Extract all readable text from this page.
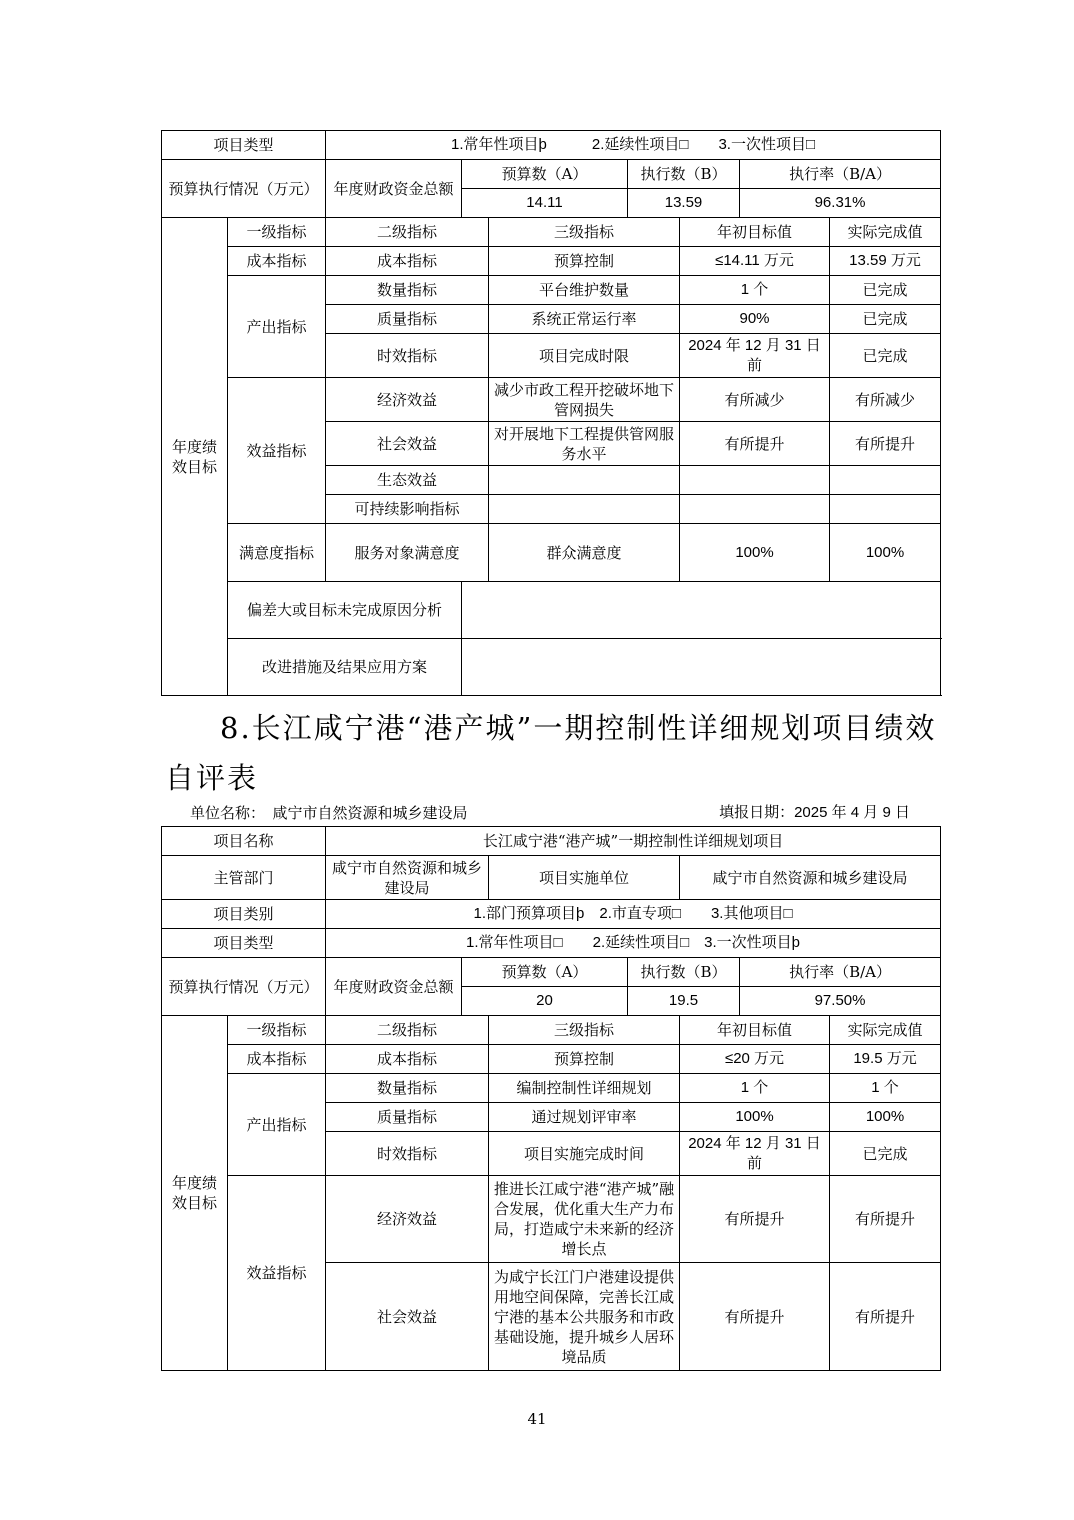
项目类型		1.常年性项目þ　　　2.延续性项目□　　3.一次性项目□						
预算执行情况（万元）		年度财政资金总额	预算数（A）		执行数（B）		执行率（B/A）	
			14.11		13.59		96.31%	
年度绩效目标	一级指标	二级指标		三级指标		年初目标值		实际完成值
	成本指标	成本指标		预算控制		≤14.11 万元		13.59 万元
	产出指标	数量指标		平台维护数量		1 个		已完成
		质量指标		系统正常运行率		90%		已完成
		时效指标		项目完成时限		2024 年 12 月 31 日前		已完成
	效益指标	经济效益		减少市政工程开挖破坏地下管网损失		有所减少		有所减少
		社会效益		对开展地下工程提供管网服务水平		有所提升		有所提升
		生态效益						
		可持续影响指标						
	满意度指标	服务对象满意度		群众满意度		100%		100%
	偏差大或目标未完成原因分析							
	改进措施及结果应用方案							
8.长江咸宁港“港产城”一期控制性详细规划项目绩效
自评表
单位名称：　咸宁市自然资源和城乡建设局	填报日期：2025 年 4 月 9 日
项目名称		长江咸宁港“港产城”一期控制性详细规划项目						
主管部门		咸宁市自然资源和城乡建设局		项目实施单位		咸宁市自然资源和城乡建设局		
项目类别		1.部门预算项目þ　2.市直专项□　　3.其他项目□						
项目类型		1.常年性项目□　　2.延续性项目□　3.一次性项目þ						
预算执行情况（万元）		年度财政资金总额	预算数（A）		执行数（B）		执行率（B/A）	
			20		19.5		97.50%	
年度绩效目标	一级指标	二级指标		三级指标		年初目标值		实际完成值
	成本指标	成本指标		预算控制		≤20 万元		19.5 万元
	产出指标	数量指标		编制控制性详细规划		1 个		1 个
		质量指标		通过规划评审率		100%		100%
		时效指标		项目实施完成时间		2024 年 12 月 31 日前		已完成
	效益指标	经济效益		推进长江咸宁港“港产城”融合发展，优化重大生产力布局，打造咸宁未来新的经济增长点		有所提升		有所提升
		社会效益		为咸宁长江门户港建设提供用地空间保障，完善长江咸宁港的基本公共服务和市政基础设施，提升城乡人居环境品质		有所提升		有所提升
41
